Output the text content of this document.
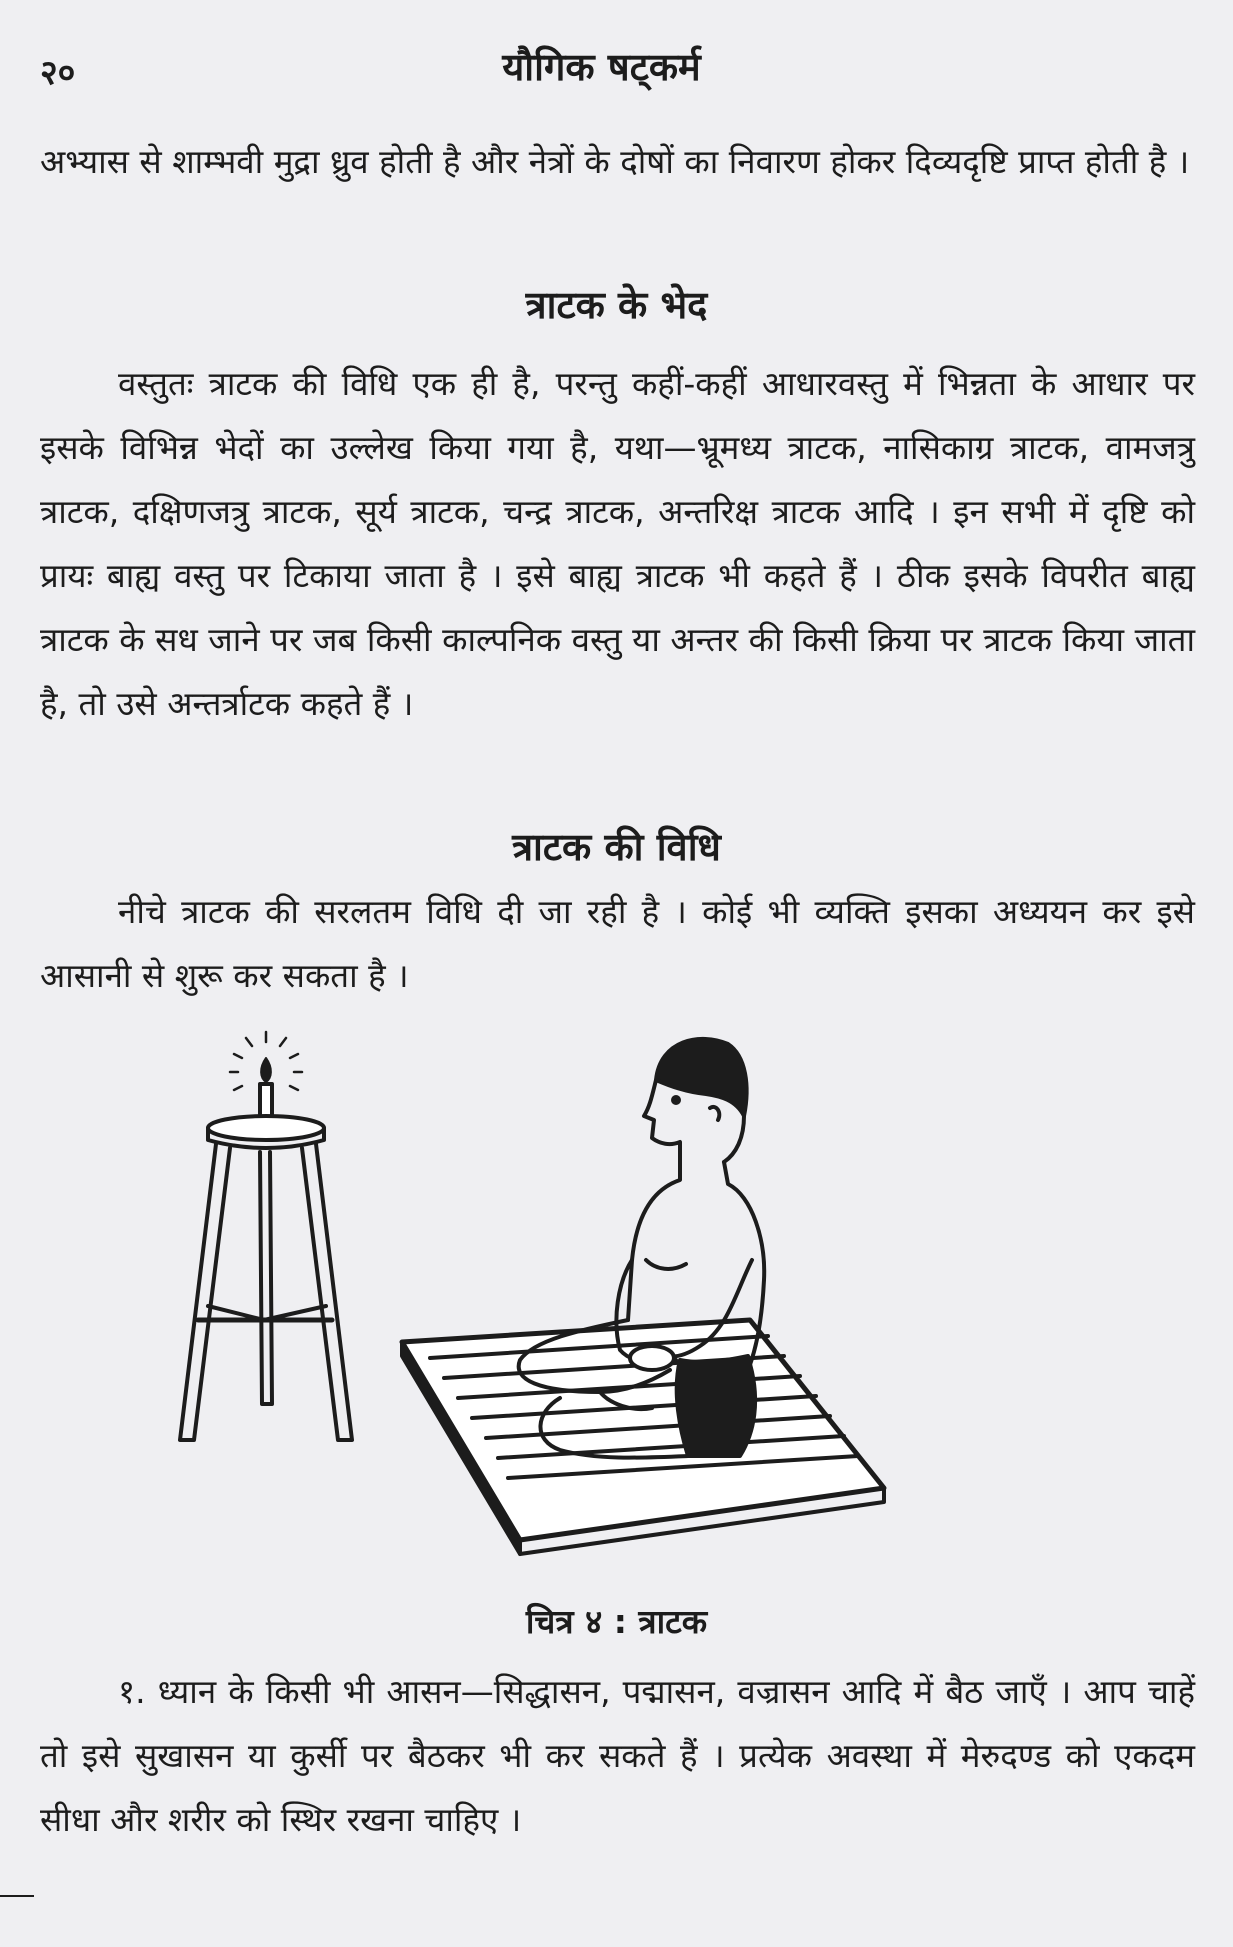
२०	यौगिक षट्कर्म

अभ्यास से शाम्भवी मुद्रा ध्रुव होती है और नेत्रों के दोषों का निवारण होकर दिव्यदृष्टि प्राप्त होती है ।

त्राटक के भेद

वस्तुतः त्राटक की विधि एक ही है, परन्तु कहीं-कहीं आधारवस्तु में भिन्नता के आधार पर इसके विभिन्न भेदों का उल्लेख किया गया है, यथा—भ्रूमध्य त्राटक, नासिकाग्र त्राटक, वामजत्रु त्राटक, दक्षिणजत्रु त्राटक, सूर्य त्राटक, चन्द्र त्राटक, अन्तरिक्ष त्राटक आदि । इन सभी में दृष्टि को प्रायः बाह्य वस्तु पर टिकाया जाता है । इसे बाह्य त्राटक भी कहते हैं । ठीक इसके विपरीत बाह्य त्राटक के सध जाने पर जब किसी काल्पनिक वस्तु या अन्तर की किसी क्रिया पर त्राटक किया जाता है, तो उसे अन्तर्त्राटक कहते हैं ।

त्राटक की विधि

नीचे त्राटक की सरलतम विधि दी जा रही है । कोई भी व्यक्ति इसका अध्ययन कर इसे आसानी से शुरू कर सकता है ।

चित्र ४ : त्राटक

१. ध्यान के किसी भी आसन—सिद्धासन, पद्मासन, वज्रासन आदि में बैठ जाएँ । आप चाहें तो इसे सुखासन या कुर्सी पर बैठकर भी कर सकते हैं । प्रत्येक अवस्था में मेरुदण्ड को एकदम सीधा और शरीर को स्थिर रखना चाहिए ।
